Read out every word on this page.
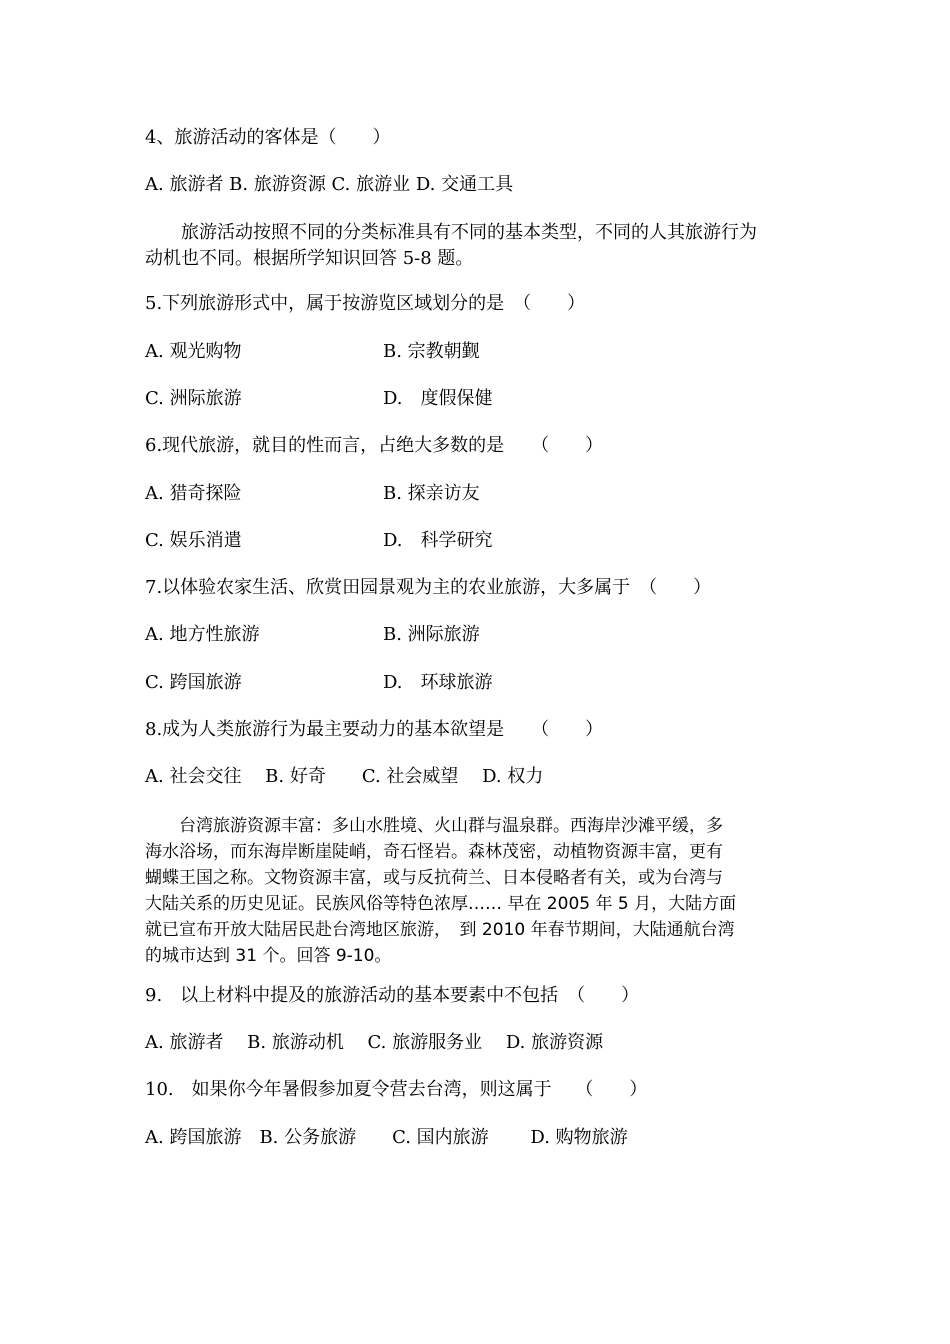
4、旅游活动的客体是（　　）
A. 旅游者 B. 旅游资源 C. 旅游业 D. 交通工具
　　旅游活动按照不同的分类标准具有不同的基本类型，不同的人其旅游行为
动机也不同。根据所学知识回答 5-8 题。
5.下列旅游形式中，属于按游览区域划分的是　（　　）
A. 观光购物	B. 宗教朝觐
C. 洲际旅游	D.　度假保健
6.现代旅游，就目的性而言，占绝大多数的是　　（　　）
A. 猎奇探险	B. 探亲访友
C. 娱乐消遣	D.　科学研究
7.以体验农家生活、欣赏田园景观为主的农业旅游，大多属于　（　　）
A. 地方性旅游	B. 洲际旅游
C. 跨国旅游	D.　环球旅游
8.成为人类旅游行为最主要动力的基本欲望是　　（　　）
A. 社会交往　 B. 好奇　　C. 社会威望　 D. 权力
　　台湾旅游资源丰富：多山水胜境、火山群与温泉群。西海岸沙滩平缓，多
海水浴场，而东海岸断崖陡峭，奇石怪岩。森林茂密，动植物资源丰富，更有
蝴蝶王国之称。文物资源丰富，或与反抗荷兰、日本侵略者有关，或为台湾与
大陆关系的历史见证。民族风俗等特色浓厚…… 早在 2005 年 5 月，大陆方面
就已宣布开放大陆居民赴台湾地区旅游，　到 2010 年春节期间，大陆通航台湾
的城市达到 31 个。回答 9-10。
9.　以上材料中提及的旅游活动的基本要素中不包括　（　　）
A. 旅游者　 B. 旅游动机　 C. 旅游服务业　 D. 旅游资源
10.　如果你今年暑假参加夏令营去台湾，则这属于　 （　　）
A. 跨国旅游　B. 公务旅游　　C. 国内旅游　　 D. 购物旅游
